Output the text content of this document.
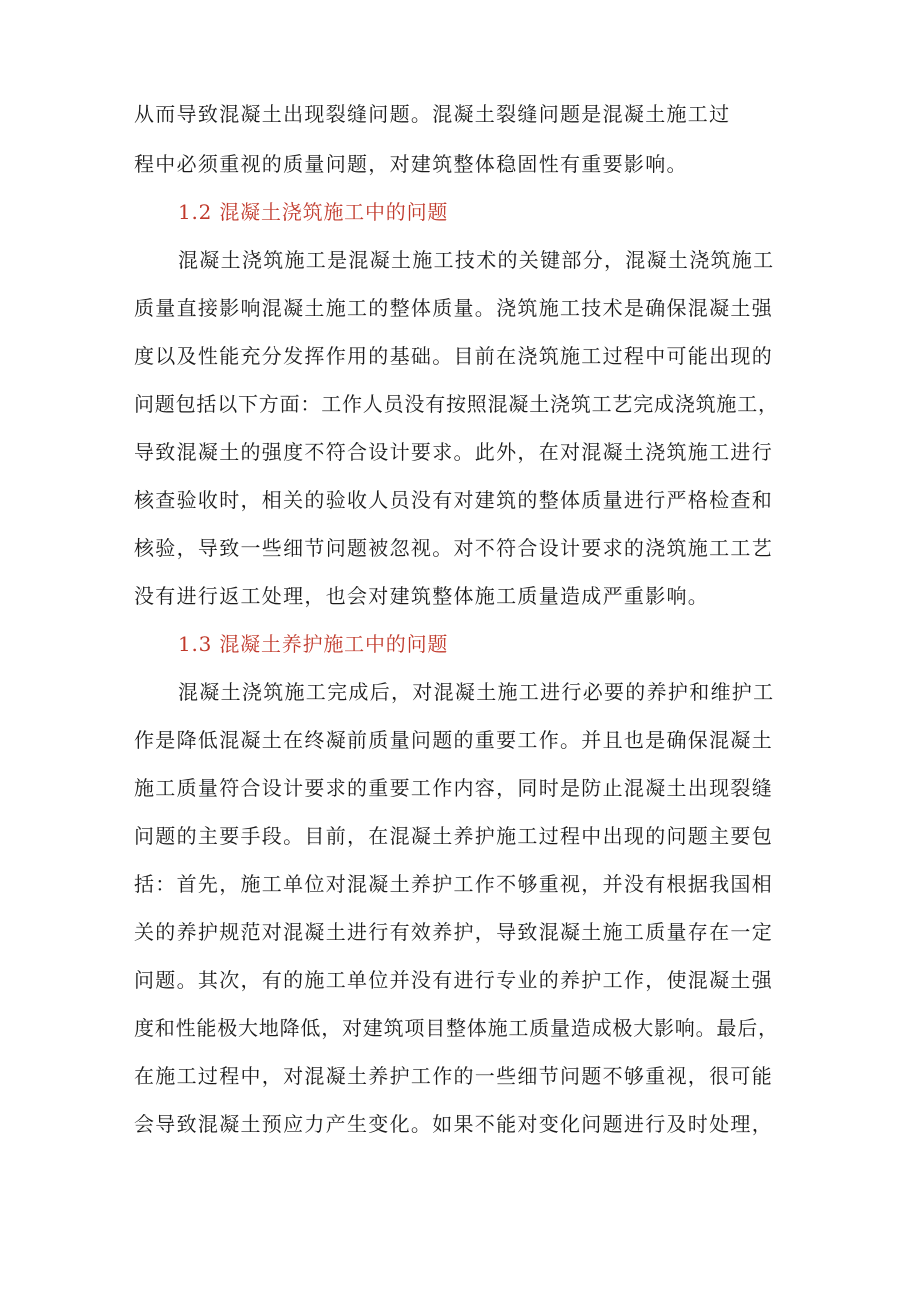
从而导致混凝土出现裂缝问题。混凝土裂缝问题是混凝土施工过
程中必须重视的质量问题，对建筑整体稳固性有重要影响。
1.2 混凝土浇筑施工中的问题
混凝土浇筑施工是混凝土施工技术的关键部分，混凝土浇筑施工
质量直接影响混凝土施工的整体质量。浇筑施工技术是确保混凝土强
度以及性能充分发挥作用的基础。目前在浇筑施工过程中可能出现的
问题包括以下方面：工作人员没有按照混凝土浇筑工艺完成浇筑施工，
导致混凝土的强度不符合设计要求。此外，在对混凝土浇筑施工进行
核查验收时，相关的验收人员没有对建筑的整体质量进行严格检查和
核验，导致一些细节问题被忽视。对不符合设计要求的浇筑施工工艺
没有进行返工处理，也会对建筑整体施工质量造成严重影响。
1.3 混凝土养护施工中的问题
混凝土浇筑施工完成后，对混凝土施工进行必要的养护和维护工
作是降低混凝土在终凝前质量问题的重要工作。并且也是确保混凝土
施工质量符合设计要求的重要工作内容，同时是防止混凝土出现裂缝
问题的主要手段。目前，在混凝土养护施工过程中出现的问题主要包
括：首先，施工单位对混凝土养护工作不够重视，并没有根据我国相
关的养护规范对混凝土进行有效养护，导致混凝土施工质量存在一定
问题。其次，有的施工单位并没有进行专业的养护工作，使混凝土强
度和性能极大地降低，对建筑项目整体施工质量造成极大影响。最后，
在施工过程中，对混凝土养护工作的一些细节问题不够重视，很可能
会导致混凝土预应力产生变化。如果不能对变化问题进行及时处理，
